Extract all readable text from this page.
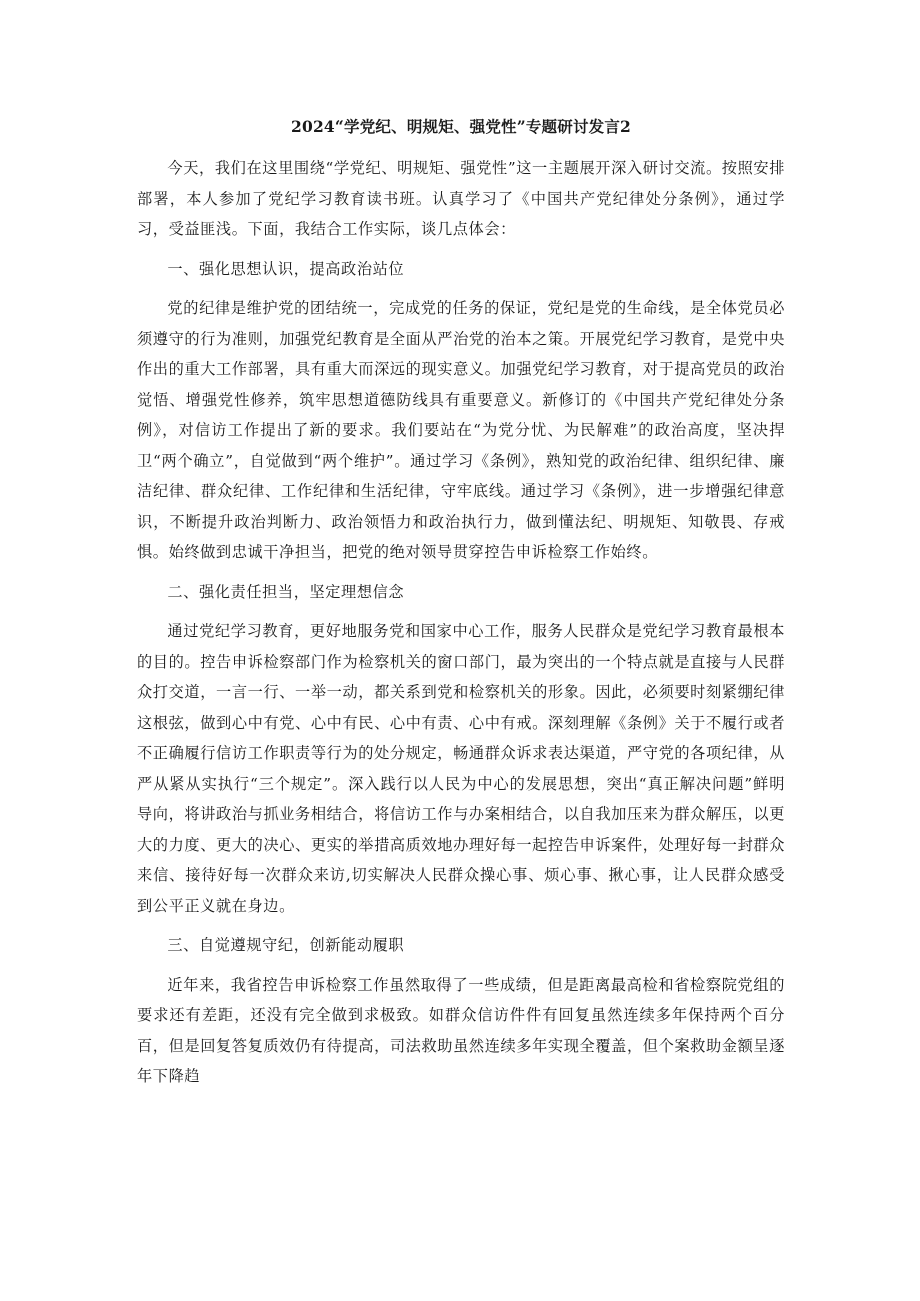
2024“学党纪、明规矩、强党性”专题研讨发言2

今天，我们在这里围绕“学党纪、明规矩、强党性”这一主题展开深入研讨交流。按照安排部署，本人参加了党纪学习教育读书班。认真学习了《中国共产党纪律处分条例》，通过学习，受益匪浅。下面，我结合工作实际，谈几点体会：

一、强化思想认识，提高政治站位

党的纪律是维护党的团结统一，完成党的任务的保证，党纪是党的生命线，是全体党员必须遵守的行为准则，加强党纪教育是全面从严治党的治本之策。开展党纪学习教育，是党中央作出的重大工作部署，具有重大而深远的现实意义。加强党纪学习教育，对于提高党员的政治觉悟、增强党性修养，筑牢思想道德防线具有重要意义。新修订的《中国共产党纪律处分条例》，对信访工作提出了新的要求。我们要站在“为党分忧、为民解难”的政治高度，坚决捍卫“两个确立”，自觉做到“两个维护”。通过学习《条例》，熟知党的政治纪律、组织纪律、廉洁纪律、群众纪律、工作纪律和生活纪律，守牢底线。通过学习《条例》，进一步增强纪律意识，不断提升政治判断力、政治领悟力和政治执行力，做到懂法纪、明规矩、知敬畏、存戒惧。始终做到忠诚干净担当，把党的绝对领导贯穿控告申诉检察工作始终。

二、强化责任担当，坚定理想信念

通过党纪学习教育，更好地服务党和国家中心工作，服务人民群众是党纪学习教育最根本的目的。控告申诉检察部门作为检察机关的窗口部门，最为突出的一个特点就是直接与人民群众打交道，一言一行、一举一动，都关系到党和检察机关的形象。因此，必须要时刻紧绷纪律这根弦，做到心中有党、心中有民、心中有责、心中有戒。深刻理解《条例》关于不履行或者不正确履行信访工作职责等行为的处分规定，畅通群众诉求表达渠道，严守党的各项纪律，从严从紧从实执行“三个规定”。深入践行以人民为中心的发展思想，突出“真正解决问题”鲜明导向，将讲政治与抓业务相结合，将信访工作与办案相结合，以自我加压来为群众解压，以更大的力度、更大的决心、更实的举措高质效地办理好每一起控告申诉案件，处理好每一封群众来信、接待好每一次群众来访,切实解决人民群众操心事、烦心事、揪心事，让人民群众感受到公平正义就在身边。

三、自觉遵规守纪，创新能动履职

近年来，我省控告申诉检察工作虽然取得了一些成绩，但是距离最高检和省检察院党组的要求还有差距，还没有完全做到求极致。如群众信访件件有回复虽然连续多年保持两个百分百，但是回复答复质效仍有待提高，司法救助虽然连续多年实现全覆盖，但个案救助金额呈逐年下降趋
